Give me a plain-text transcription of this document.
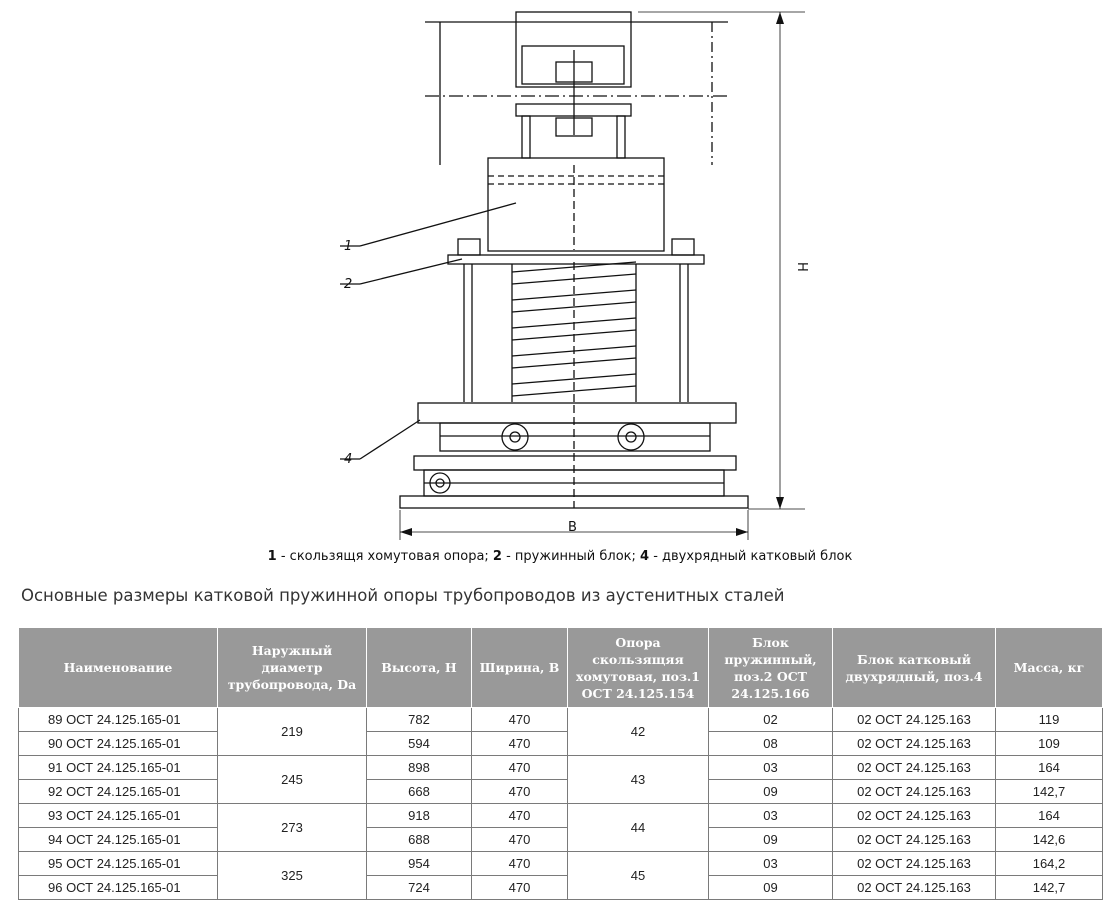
1
2
4
H
B
1 - скользящя хомутовая опора; 2 - пружинный блок; 4 - двухрядный катковый блок
Основные размеры катковой пружинной опоры трубопроводов из аустенитных сталей
Наименование	Наружный диаметр трубопровода, Da	Высота, H	Ширина, B	Опора скользящяя хомутовая, поз.1 ОСТ 24.125.154	Блок пружинный, поз.2 ОСТ 24.125.166	Блок катковый двухрядный, поз.4	Масса, кг
89 ОСТ 24.125.165-01	219	782	470	42	02	02 ОСТ 24.125.163	119
90 ОСТ 24.125.165-01		594	470		08	02 ОСТ 24.125.163	109
91 ОСТ 24.125.165-01	245	898	470	43	03	02 ОСТ 24.125.163	164
92 ОСТ 24.125.165-01		668	470		09	02 ОСТ 24.125.163	142,7
93 ОСТ 24.125.165-01	273	918	470	44	03	02 ОСТ 24.125.163	164
94 ОСТ 24.125.165-01		688	470		09	02 ОСТ 24.125.163	142,6
95 ОСТ 24.125.165-01	325	954	470	45	03	02 ОСТ 24.125.163	164,2
96 ОСТ 24.125.165-01		724	470		09	02 ОСТ 24.125.163	142,7
